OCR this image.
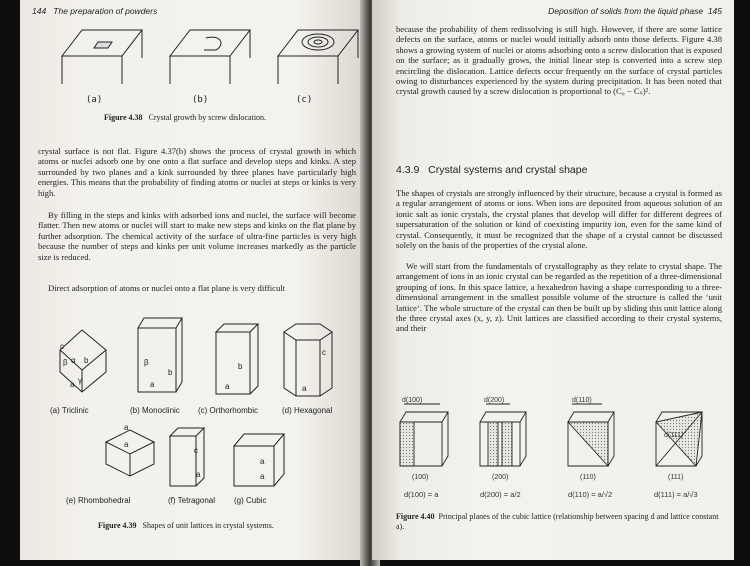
144 The preparation of powders
(a)	(b)	(c)
Figure 4.38 Crystal growth by screw dislocation.

crystal surface is not flat. Figure 4.37(b) shows the process of crystal growth in which atoms or nuclei adsorb one by one onto a flat surface and develop steps and kinks. A step surrounded by two planes and a kink surrounded by three planes have particularly high energies. This means that the probability of finding atoms or nuclei at steps or kinks is very high.

By filling in the steps and kinks with adsorbed ions and nuclei, the surface will become flatter. Then new atoms or nuclei will start to make new steps and kinks on the flat plane by further adsorption. The chemical activity of the surface of ultra-fine particles is very high because the number of steps and kinks per unit volume increases markedly as the particle size is reduced.

Direct adsorption of atoms or nuclei onto a flat plane is very difficult

c
α
β
γ
b
a
β
b
a
b
a
c
a
(a) Triclinic	(b) Monoclinic (c) Orthorhombic	(d) Hexagonal
a
a
c
a
a
a
(e) Rhombohedral	(f) Tetragonal (g) Cubic
Figure 4.39 Shapes of unit lattices in crystal systems.
Deposition of solids from the liquid phase 145

because the probability of them redissolving is still high. However, if there are some lattice defects on the surface, atoms or nuclei would initially adsorb onto those defects. Figure 4.38 shows a growing system of nuclei or atoms adsorbing onto a screw dislocation that is exposed on the surface; as it gradually grows, the initial linear step is converted into a screw step encircling the dislocation. Lattice defects occur frequently on the surface of crystal particles owing to disturbances experienced by the system during precipitation. It has been noted that crystal growth caused by a screw dislocation is proportional to (C₀ − Cₛ)².

4.3.9 Crystal systems and crystal shape

The shapes of crystals are strongly influenced by their structure, because a crystal is formed as a regular arrangement of atoms or ions. When ions are deposited from aqueous solution of an ionic salt as ionic crystals, the crystal planes that develop will differ for different degrees of supersaturation of the solution or kind of coexisting impurity ion, even for the same kind of crystal. Consequently, it must be recognized that the shape of a crystal cannot be discussed solely on the basis of the properties of the crystal alone.

We will start from the fundamentals of crystallography as they relate to crystal shape. The arrangement of ions in an ionic crystal can be regarded as the repetition of a three-dimensional grouping of ions. In this space lattice, a hexahedron having a shape corresponding to a three-dimensional arrangement in the smallest possible volume of the structure is called the ‘unit lattice’. The whole structure of the crystal can then be built up by sliding this unit lattice along the three crystal axes (x, y, z). Unit lattices are classified according to their crystal systems, and their

d(100)	d(200)	d(110)
d(111)
(100)	(200)	(110)	(111)
d(100) = a	d(200) = a/2	d(110) = a/√2	d(111) = a/√3
Figure 4.40 Principal planes of the cubic lattice (relationship between spacing d and lattice constant a).
